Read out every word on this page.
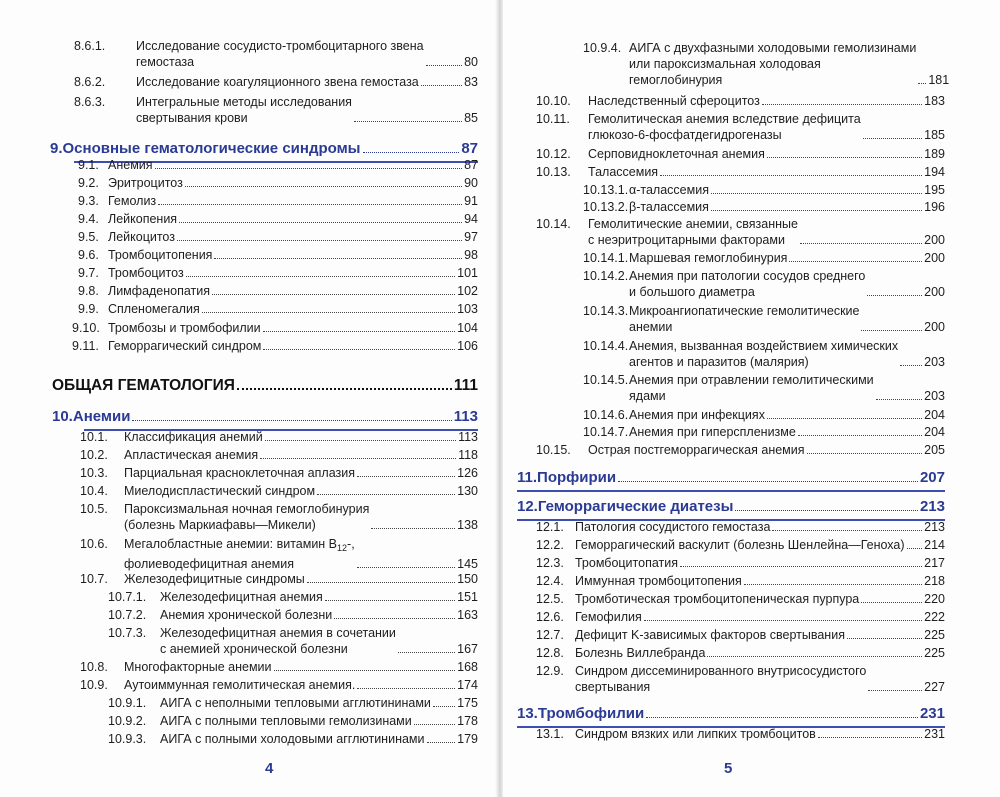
8.6.1. Исследование сосудисто-тромбоцитарного звена
гемостаза	80
8.6.2. Исследование коагуляционного звена гемостаза	83
8.6.3. Интегральные методы исследования
свертывания крови	85
9.Основные гематологические синдромы	87
9.1. Анемия	87
9.2. Эритроцитоз	90
9.3. Гемолиз	91
9.4. Лейкопения	94
9.5. Лейкоцитоз	97
9.6. Тромбоцитопения	98
9.7. Тромбоцитоз	101
9.8. Лимфаденопатия	102
9.9. Спленомегалия	103
9.10. Тромбозы и тромбофилии	104
9.11. Геморрагический синдром	106
ОБЩАЯ ГЕМАТОЛОГИЯ	111
10.Анемии	113
10.1. Классификация анемий	113
10.2. Апластическая анемия	118
10.3. Парциальная красноклеточная аплазия	126
10.4. Миелодиспластический синдром	130
10.5. Пароксизмальная ночная гемоглобинурия
(болезнь Маркиафавы—Микели)	138
10.6. Мегалобластные анемии: витамин $B_{12}-$,
фолиеводефицитная анемия	145
10.7. Железодефицитные синдромы	150
10.7.1. Железодефицитная анемия	151
10.7.2. Анемия хронической болезни	163
10.7.3. Железодефицитная анемия в сочетании
с анемией хронической болезни	167
10.8. Многофакторные анемии	168
10.9. Аутоиммунная гемолитическая анемия.	174
10.9.1. АИГА с неполными тепловыми агглютининами 175
10.9.2. АИГА с полными тепловыми гемолизинами	178
10.9.3. АИГА с полными холодовыми агглютининами	179
4
10.9.4. АИГА с двухфазными холодовыми гемолизинами
или пароксизмальная холодовая
гемоглобинурия	181
10.10. Наследственный сфероцитоз	183
10.11. Гемолитическая анемия вследствие дефицита
глюкозо-6-фосфатдегидрогеназы	185
10.12. Серповидноклеточная анемия	189
10.13. Талассемия	194
10.13.1.α-талассемия	195
10.13.2.β-талассемия	196
10.14. Гемолитические анемии, связанные
с неэритроцитарными факторами	200
10.14.1.Маршевая гемоглобинурия	200
10.14.2.Анемия при патологии сосудов среднего
и большого диаметра	200
10.14.3.Микроангиопатические гемолитические
анемии	200
10.14.4.Анемия, вызванная воздействием химических
агентов и паразитов (малярия)	203
10.14.5.Анемия при отравлении гемолитическими
ядами	203
10.14.6.Анемия при инфекциях	204
10.14.7.Анемия при гиперспленизме	204
10.15. Острая постгеморрагическая анемия	205
11.Порфирии	207
12.Геморрагические диатезы	213
12.1. Патология сосудистого гемостаза	213
12.2. Геморрагический васкулит (болезнь Шенлейна—Геноха) 214
12.3. Тромбоцитопатия	217
12.4. Иммунная тромбоцитопения	218
12.5. Тромботическая тромбоцитопеническая пурпура	220
12.6. Гемофилия	222
12.7. Дефицит K-зависимых факторов свертывания	225
12.8. Болезнь Виллебранда	225
12.9. Синдром диссеминированного внутрисосудистого
свертывания	227
13.Тромбофилии	231
13.1. Синдром вязких или липких тромбоцитов	231
5
